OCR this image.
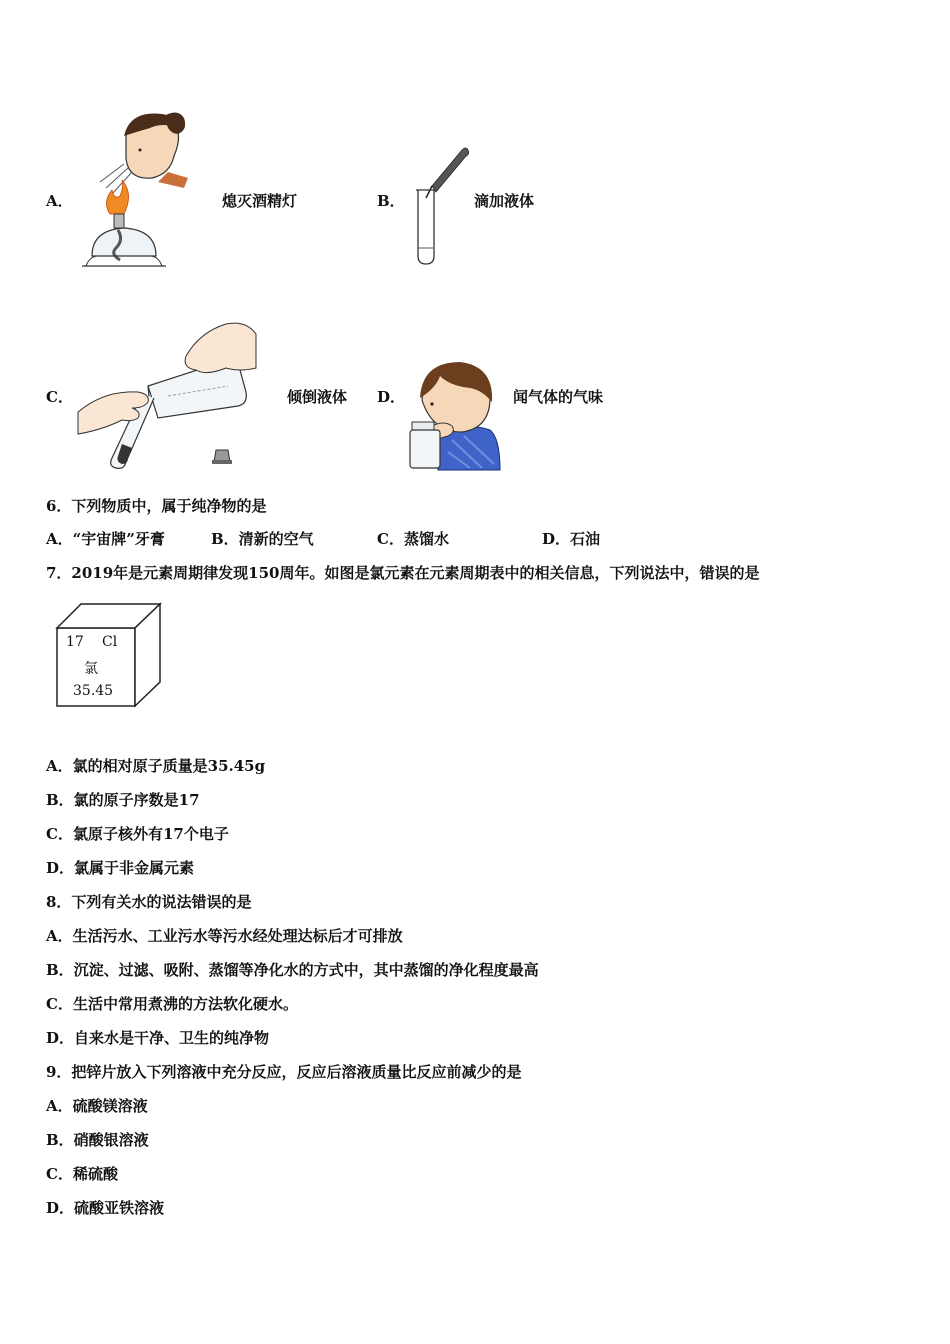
A．	熄灭酒精灯	B．	滴加液体
C．	倾倒液体 D．	闻气体的气味
6．下列物质中，属于纯净物的是
A．“宇宙牌”牙膏	B．清新的空气	C．蒸馏水	D．石油
7．2019年是元素周期律发现150周年。如图是氯元素在元素周期表中的相关信息，下列说法中，错误的是
17 Cl
氯
35.45
A．氯的相对原子质量是35.45g
B．氯的原子序数是17
C．氯原子核外有17个电子
D．氯属于非金属元素
8．下列有关水的说法错误的是
A．生活污水、工业污水等污水经处理达标后才可排放
B．沉淀、过滤、吸附、蒸馏等净化水的方式中，其中蒸馏的净化程度最高
C．生活中常用煮沸的方法软化硬水。
D．自来水是干净、卫生的纯净物
9．把锌片放入下列溶液中充分反应，反应后溶液质量比反应前减少的是
A．硫酸镁溶液
B．硝酸银溶液
C．稀硫酸
D．硫酸亚铁溶液
